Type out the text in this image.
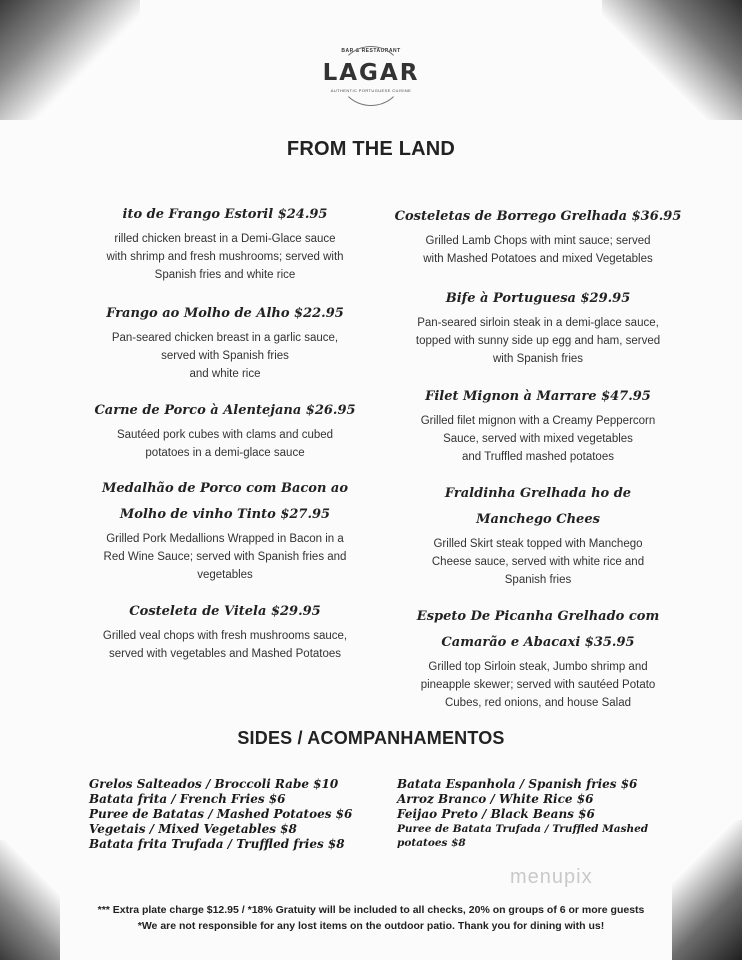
BAR & RESTAURANT
LAGAR
AUTHENTIC PORTUGUESE CUISINE
FROM THE LAND
ito de Frango Estoril $24.95
rilled chicken breast in a Demi-Glace sauce
with shrimp and fresh mushrooms; served with
Spanish fries and white rice
Frango ao Molho de Alho $22.95
Pan-seared chicken breast in a garlic sauce,
served with Spanish fries
and white rice
Carne de Porco à Alentejana $26.95
Sautéed pork cubes with clams and cubed
potatoes in a demi-glace sauce
Medalhão de Porco com Bacon ao
Molho de vinho Tinto $27.95
Grilled Pork Medallions Wrapped in Bacon in a
Red Wine Sauce; served with Spanish fries and
vegetables
Costeleta de Vitela $29.95
Grilled veal chops with fresh mushrooms sauce,
served with vegetables and Mashed Potatoes
Costeletas de Borrego Grelhada $36.95
Grilled Lamb Chops with mint sauce; served
with Mashed Potatoes and mixed Vegetables
Bife à Portuguesa $29.95
Pan-seared sirloin steak in a demi-glace sauce,
topped with sunny side up egg and ham, served
with Spanish fries
Filet Mignon à Marrare $47.95
Grilled filet mignon with a Creamy Peppercorn
Sauce, served with mixed vegetables
and Truffled mashed potatoes
Fraldinha Grelhada ho de
Manchego Chees
Grilled Skirt steak topped with Manchego
Cheese sauce, served with white rice and
Spanish fries
Espeto De Picanha Grelhado com
Camarão e Abacaxi $35.95
Grilled top Sirloin steak, Jumbo shrimp and
pineapple skewer; served with sautéed Potato
Cubes, red onions, and house Salad
SIDES / ACOMPANHAMENTOS
Grelos Salteados / Broccoli Rabe $10
Batata frita / French Fries $6
Puree de Batatas / Mashed Potatoes $6
Vegetais / Mixed Vegetables $8
Batata frita Trufada / Truffled fries $8
Batata Espanhola / Spanish fries $6
Arroz Branco / White Rice $6
Feijao Preto / Black Beans $6
Puree de Batata Trufada / Truffled Mashed
potatoes $8
menupix
*** Extra plate charge $12.95 / *18% Gratuity will be included to all checks, 20% on groups of 6 or more guests
*We are not responsible for any lost items on the outdoor patio. Thank you for dining with us!
